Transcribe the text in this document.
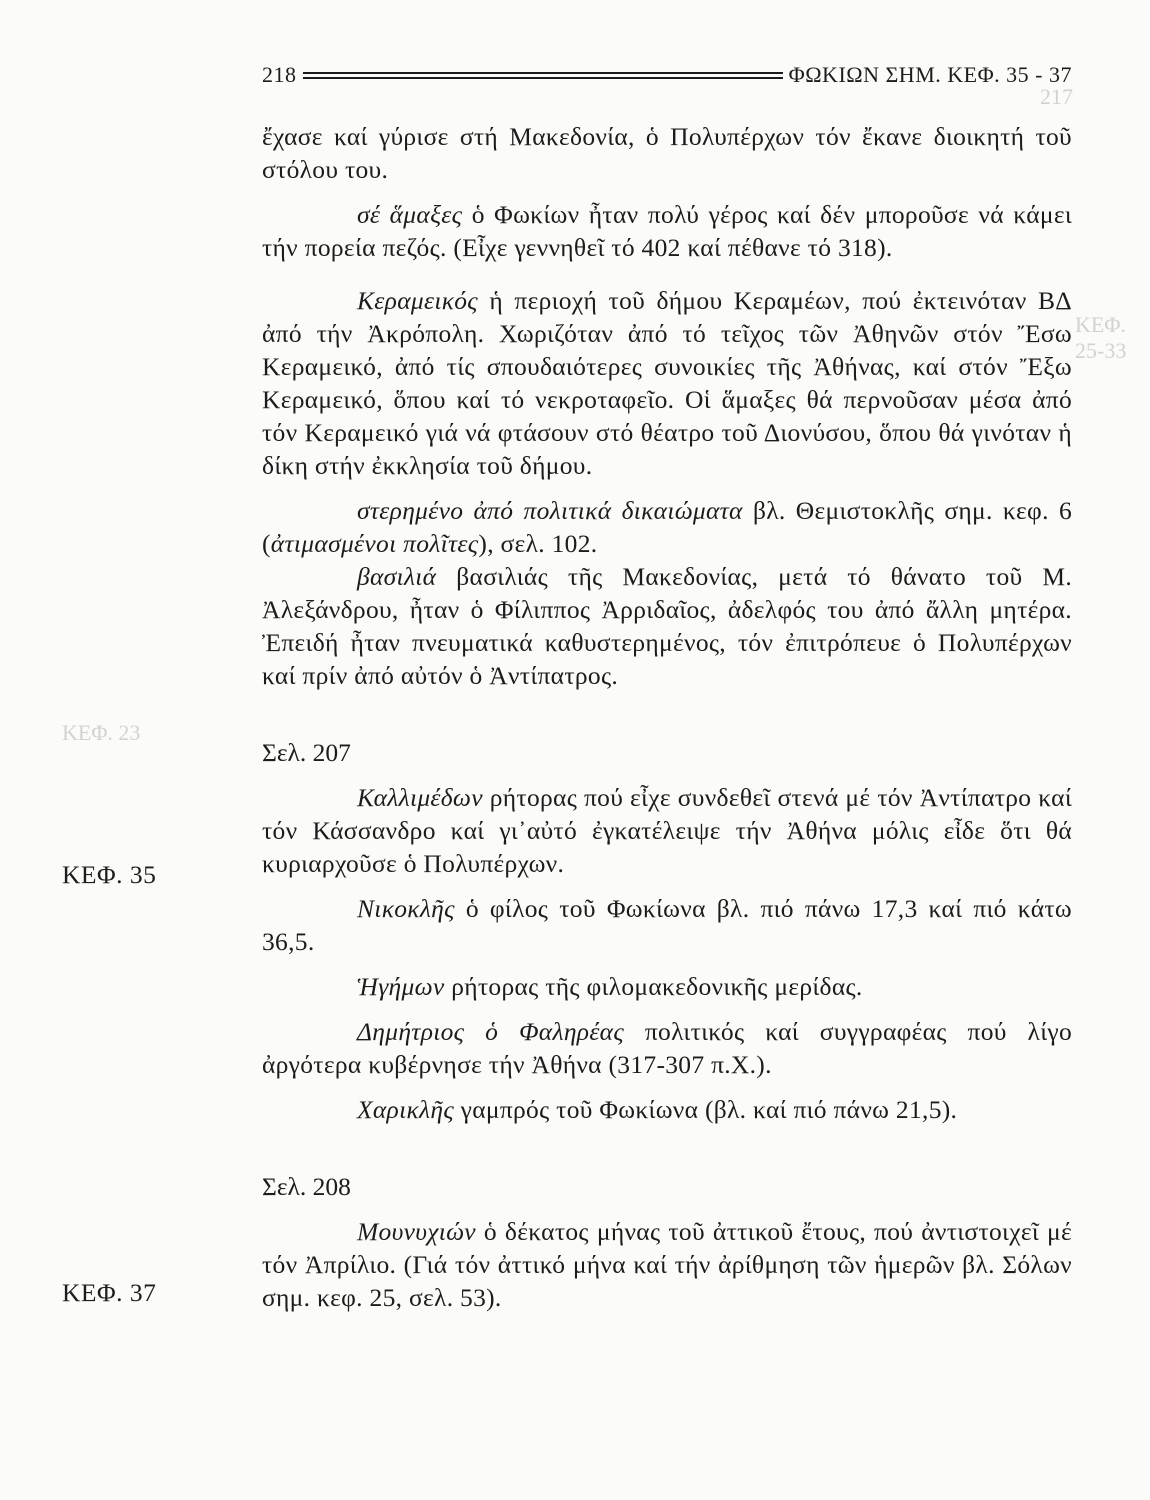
217
ΚΕΦ. 25-33
ΚΕΦ. 23
218	ΦΩΚΙΩΝ ΣΗΜ. ΚΕΦ. 35 - 37
ΚΕΦ. 35
ΚΕΦ. 37

ἔχασε καί γύρισε στή Μακεδονία, ὁ Πολυπέρχων τόν ἔκανε διοικητή τοῦ στόλου του.

σέ ἅμαξες ὁ Φωκίων ἦταν πολύ γέρος καί δέν μποροῦσε νά κάμει τήν πορεία πεζός. (Εἶχε γεννηθεῖ τό 402 καί πέθανε τό 318).

Κεραμεικός ἡ περιοχή τοῦ δήμου Κεραμέων, πού ἐκτεινόταν ΒΔ ἀπό τήν Ἀκρόπολη. Χωριζόταν ἀπό τό τεῖχος τῶν Ἀθηνῶν στόν Ἔσω Κεραμεικό, ἀπό τίς σπουδαιότερες συνοικίες τῆς Ἀθήνας, καί στόν Ἔξω Κεραμεικό, ὅπου καί τό νεκροταφεῖο. Οἱ ἅμαξες θά περνοῦσαν μέσα ἀπό τόν Κεραμεικό γιά νά φτάσουν στό θέατρο τοῦ Διονύσου, ὅπου θά γινόταν ἡ δίκη στήν ἐκκλησία τοῦ δήμου.

στερημένο ἀπό πολιτικά δικαιώματα βλ. Θεμιστοκλῆς σημ. κεφ. 6 (ἀτιμασμένοι πολῖτες), σελ. 102.

βασιλιά βασιλιάς τῆς Μακεδονίας, μετά τό θάνατο τοῦ Μ. Ἀλεξάνδρου, ἦταν ὁ Φίλιππος Ἀρριδαῖος, ἀδελφός του ἀπό ἄλλη μητέρα. Ἐπειδή ἦταν πνευματικά καθυστερημένος, τόν ἐπιτρόπευε ὁ Πολυπέρχων καί πρίν ἀπό αὐτόν ὁ Ἀντίπατρος.

Σελ. 207

Καλλιμέδων ρήτορας πού εἶχε συνδεθεῖ στενά μέ τόν Ἀντίπατρο καί τόν Κάσσανδρο καί γι᾽αὐτό ἐγκατέλειψε τήν Ἀθήνα μόλις εἶδε ὅτι θά κυριαρχοῦσε ὁ Πολυπέρχων.

Νικοκλῆς ὁ φίλος τοῦ Φωκίωνα βλ. πιό πάνω 17,3 καί πιό κάτω 36,5.

Ἡγήμων ρήτορας τῆς φιλομακεδονικῆς μερίδας.

Δημήτριος ὁ Φαληρέας πολιτικός καί συγγραφέας πού λίγο ἀργότερα κυβέρνησε τήν Ἀθήνα (317-307 π.Χ.).

Χαρικλῆς γαμπρός τοῦ Φωκίωνα (βλ. καί πιό πάνω 21,5).

Σελ. 208

Μουνυχιών ὁ δέκατος μήνας τοῦ ἀττικοῦ ἔτους, πού ἀντιστοιχεῖ μέ τόν Ἀπρίλιο. (Γιά τόν ἀττικό μήνα καί τήν ἀρίθμηση τῶν ἡμερῶν βλ. Σόλων σημ. κεφ. 25, σελ. 53).
